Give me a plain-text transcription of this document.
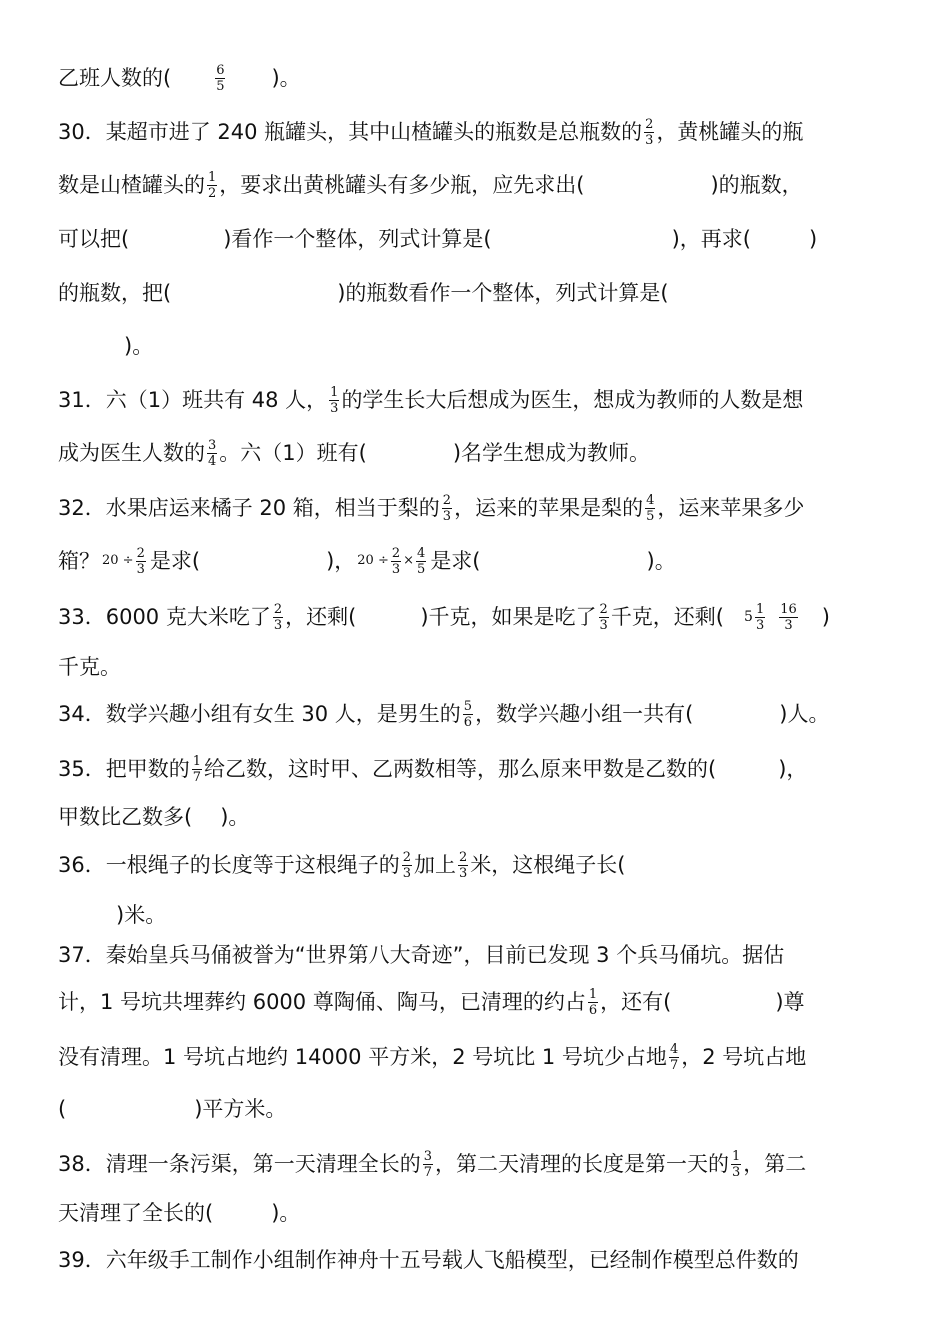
乙班人数的(	$\frac{6}{5}$ )。
30．某超市进了 240 瓶罐头，其中山楂罐头的瓶数是总瓶数的 $\frac{2}{3}$ ，黄桃罐头的瓶
数是山楂罐头的 $\frac{1}{2}$ ，要求出黄桃罐头有多少瓶，应先求出(	)的瓶数，
可以把(	)看作一个整体，列式计算是(	)，再求(	)
的瓶数，把(	)的瓶数看作一个整体，列式计算是(
)。
31．六（1）班共有 48 人， $\frac{1}{3}$ 的学生长大后想成为医生，想成为教师的人数是想
成为医生人数的 $\frac{3}{4}$ 。六（1）班有(	)名学生想成为教师。
32．水果店运来橘子 20 箱，相当于梨的 $\frac{2}{3}$ ，运来的苹果是梨的 $\frac{4}{5}$ ，运来苹果多少
箱？ $20 \div \frac{2}{3}$ 是求(	)， $20 \div \frac{2}{3} \times \frac{4}{5}$ 是求(	)。
33．6000 克大米吃了 $\frac{2}{3}$ ，还剩(	)千克，如果是吃了 $\frac{2}{3}$ 千克，还剩( $5 \frac{1}{3} \frac{16}{3}$ )
千克。
34．数学兴趣小组有女生 30 人，是男生的 $\frac{5}{6}$ ，数学兴趣小组一共有(	)人。
35．把甲数的 $\frac{1}{7}$ 给乙数，这时甲、乙两数相等，那么原来甲数是乙数的(	)，
甲数比乙数多( )。
36．一根绳子的长度等于这根绳子的 $\frac{2}{3}$ 加上 $\frac{2}{3}$ 米，这根绳子长(
)米。
37．秦始皇兵马俑被誉为“世界第八大奇迹”，目前已发现 3 个兵马俑坑。据估
计，1 号坑共埋葬约 6000 尊陶俑、陶马，已清理的约占 $\frac{1}{6}$ ，还有(	)尊
没有清理。1 号坑占地约 14000 平方米，2 号坑比 1 号坑少占地 $\frac{4}{7}$ ，2 号坑占地
(	)平方米。
38．清理一条污渠，第一天清理全长的 $\frac{3}{7}$ ，第二天清理的长度是第一天的 $\frac{1}{3}$ ，第二
天清理了全长的(	)。
39．六年级手工制作小组制作神舟十五号载人飞船模型，已经制作模型总件数的
